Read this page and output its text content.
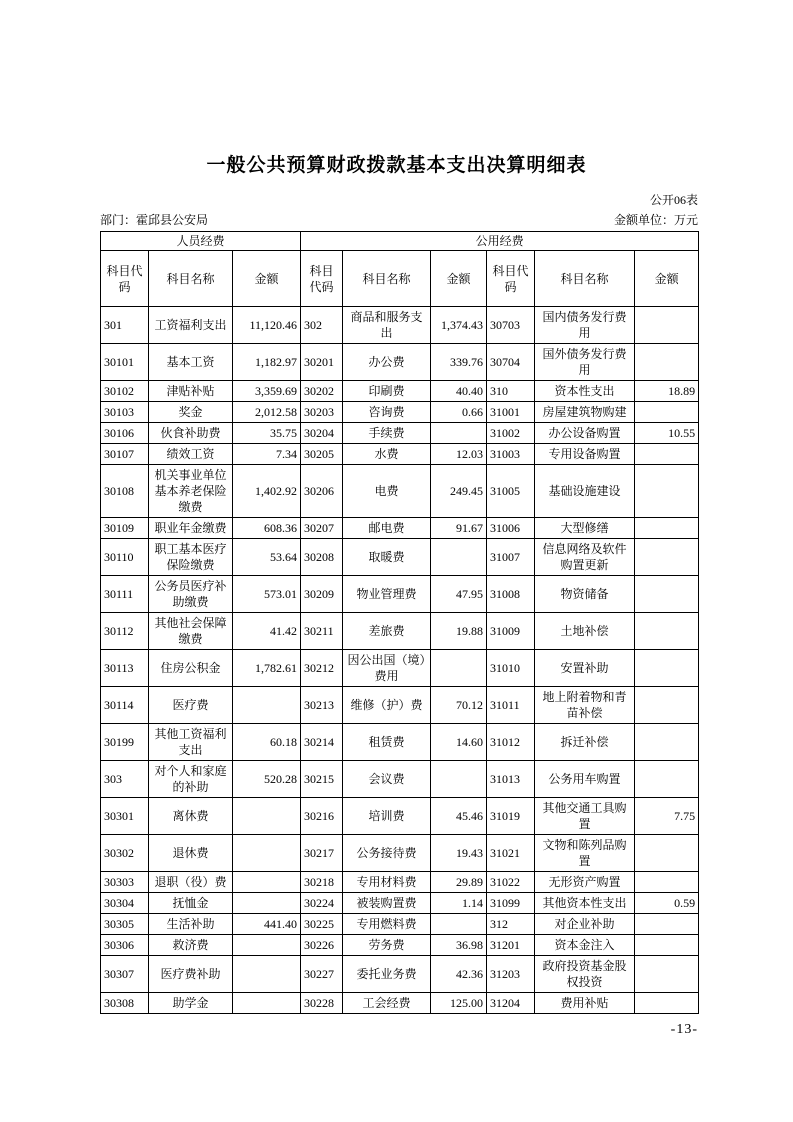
一般公共预算财政拨款基本支出决算明细表
公开06表
部门：霍邱县公安局	金额单位：万元
人员经费			公用经费					
科目代码	科目名称	金额	科目代码	科目名称	金额	科目代码	科目名称	金额
301	工资福利支出	11,120.46	302	商品和服务支出	1,374.43	30703	国内债务发行费用	
30101	基本工资	1,182.97	30201	办公费	339.76	30704	国外债务发行费用	
30102	津贴补贴	3,359.69	30202	印刷费	40.40	310	资本性支出	18.89
30103	奖金	2,012.58	30203	咨询费	0.66	31001	房屋建筑物购建	
30106	伙食补助费	35.75	30204	手续费		31002	办公设备购置	10.55
30107	绩效工资	7.34	30205	水费	12.03	31003	专用设备购置	
30108	机关事业单位基本养老保险缴费	1,402.92	30206	电费	249.45	31005	基础设施建设	
30109	职业年金缴费	608.36	30207	邮电费	91.67	31006	大型修缮	
30110	职工基本医疗保险缴费	53.64	30208	取暖费		31007	信息网络及软件购置更新	
30111	公务员医疗补助缴费	573.01	30209	物业管理费	47.95	31008	物资储备	
30112	其他社会保障缴费	41.42	30211	差旅费	19.88	31009	土地补偿	
30113	住房公积金	1,782.61	30212	因公出国（境）费用		31010	安置补助	
30114	医疗费		30213	维修（护）费	70.12	31011	地上附着物和青苗补偿	
30199	其他工资福利支出	60.18	30214	租赁费	14.60	31012	拆迁补偿	
303	对个人和家庭的补助	520.28	30215	会议费		31013	公务用车购置	
30301	离休费		30216	培训费	45.46	31019	其他交通工具购置	7.75
30302	退休费		30217	公务接待费	19.43	31021	文物和陈列品购置	
30303	退职（役）费		30218	专用材料费	29.89	31022	无形资产购置	
30304	抚恤金		30224	被装购置费	1.14	31099	其他资本性支出	0.59
30305	生活补助	441.40	30225	专用燃料费		312	对企业补助	
30306	救济费		30226	劳务费	36.98	31201	资本金注入	
30307	医疗费补助		30227	委托业务费	42.36	31203	政府投资基金股权投资	
30308	助学金		30228	工会经费	125.00	31204	费用补贴	
-13-
